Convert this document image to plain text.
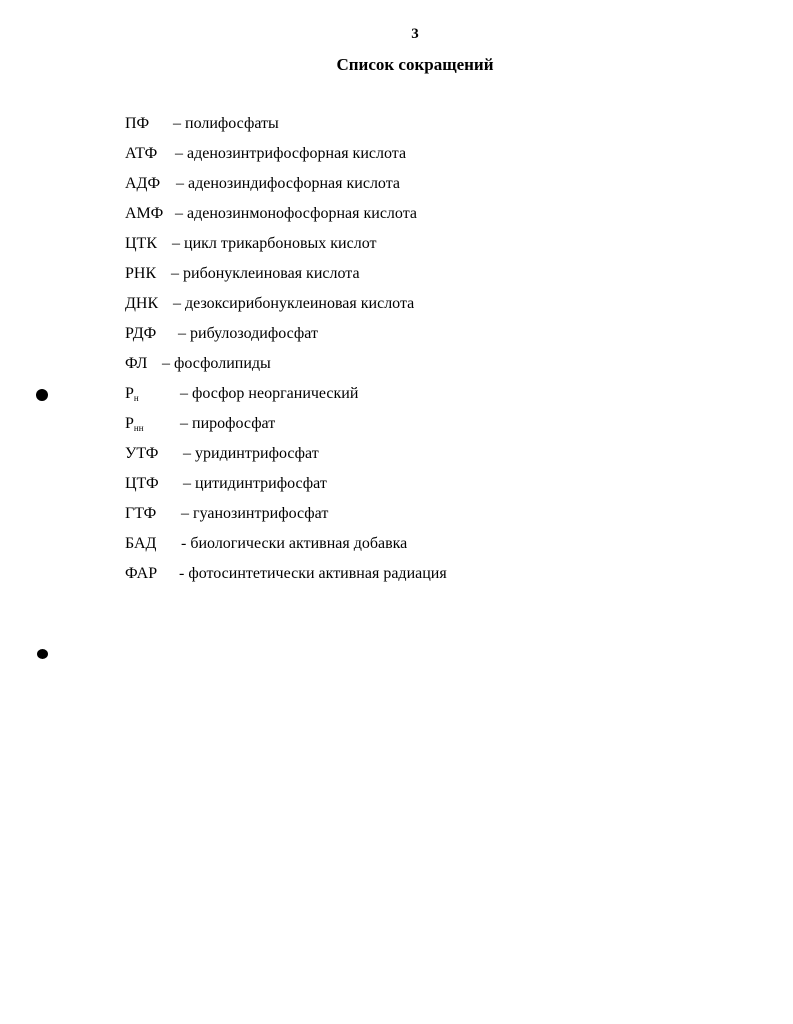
3
Список сокращений
ПФ – полифосфаты
АТФ – аденозинтрифосфорная кислота
АДФ – аденозиндифосфорная кислота
АМФ – аденозинмонофосфорная кислота
ЦТК – цикл трикарбоновых кислот
РНК – рибонуклеиновая кислота
ДНК – дезоксирибонуклеиновая кислота
РДФ – рибулозодифосфат
ФЛ – фосфолипиды
$Р_н$	– фосфор неорганический
$Р_{нн}$ – пирофосфат
УТФ – уридинтрифосфат
ЦТФ – цитидинтрифосфат
ГТФ – гуанозинтрифосфат
БАД - биологически активная добавка
ФАР - фотосинтетически активная радиация
